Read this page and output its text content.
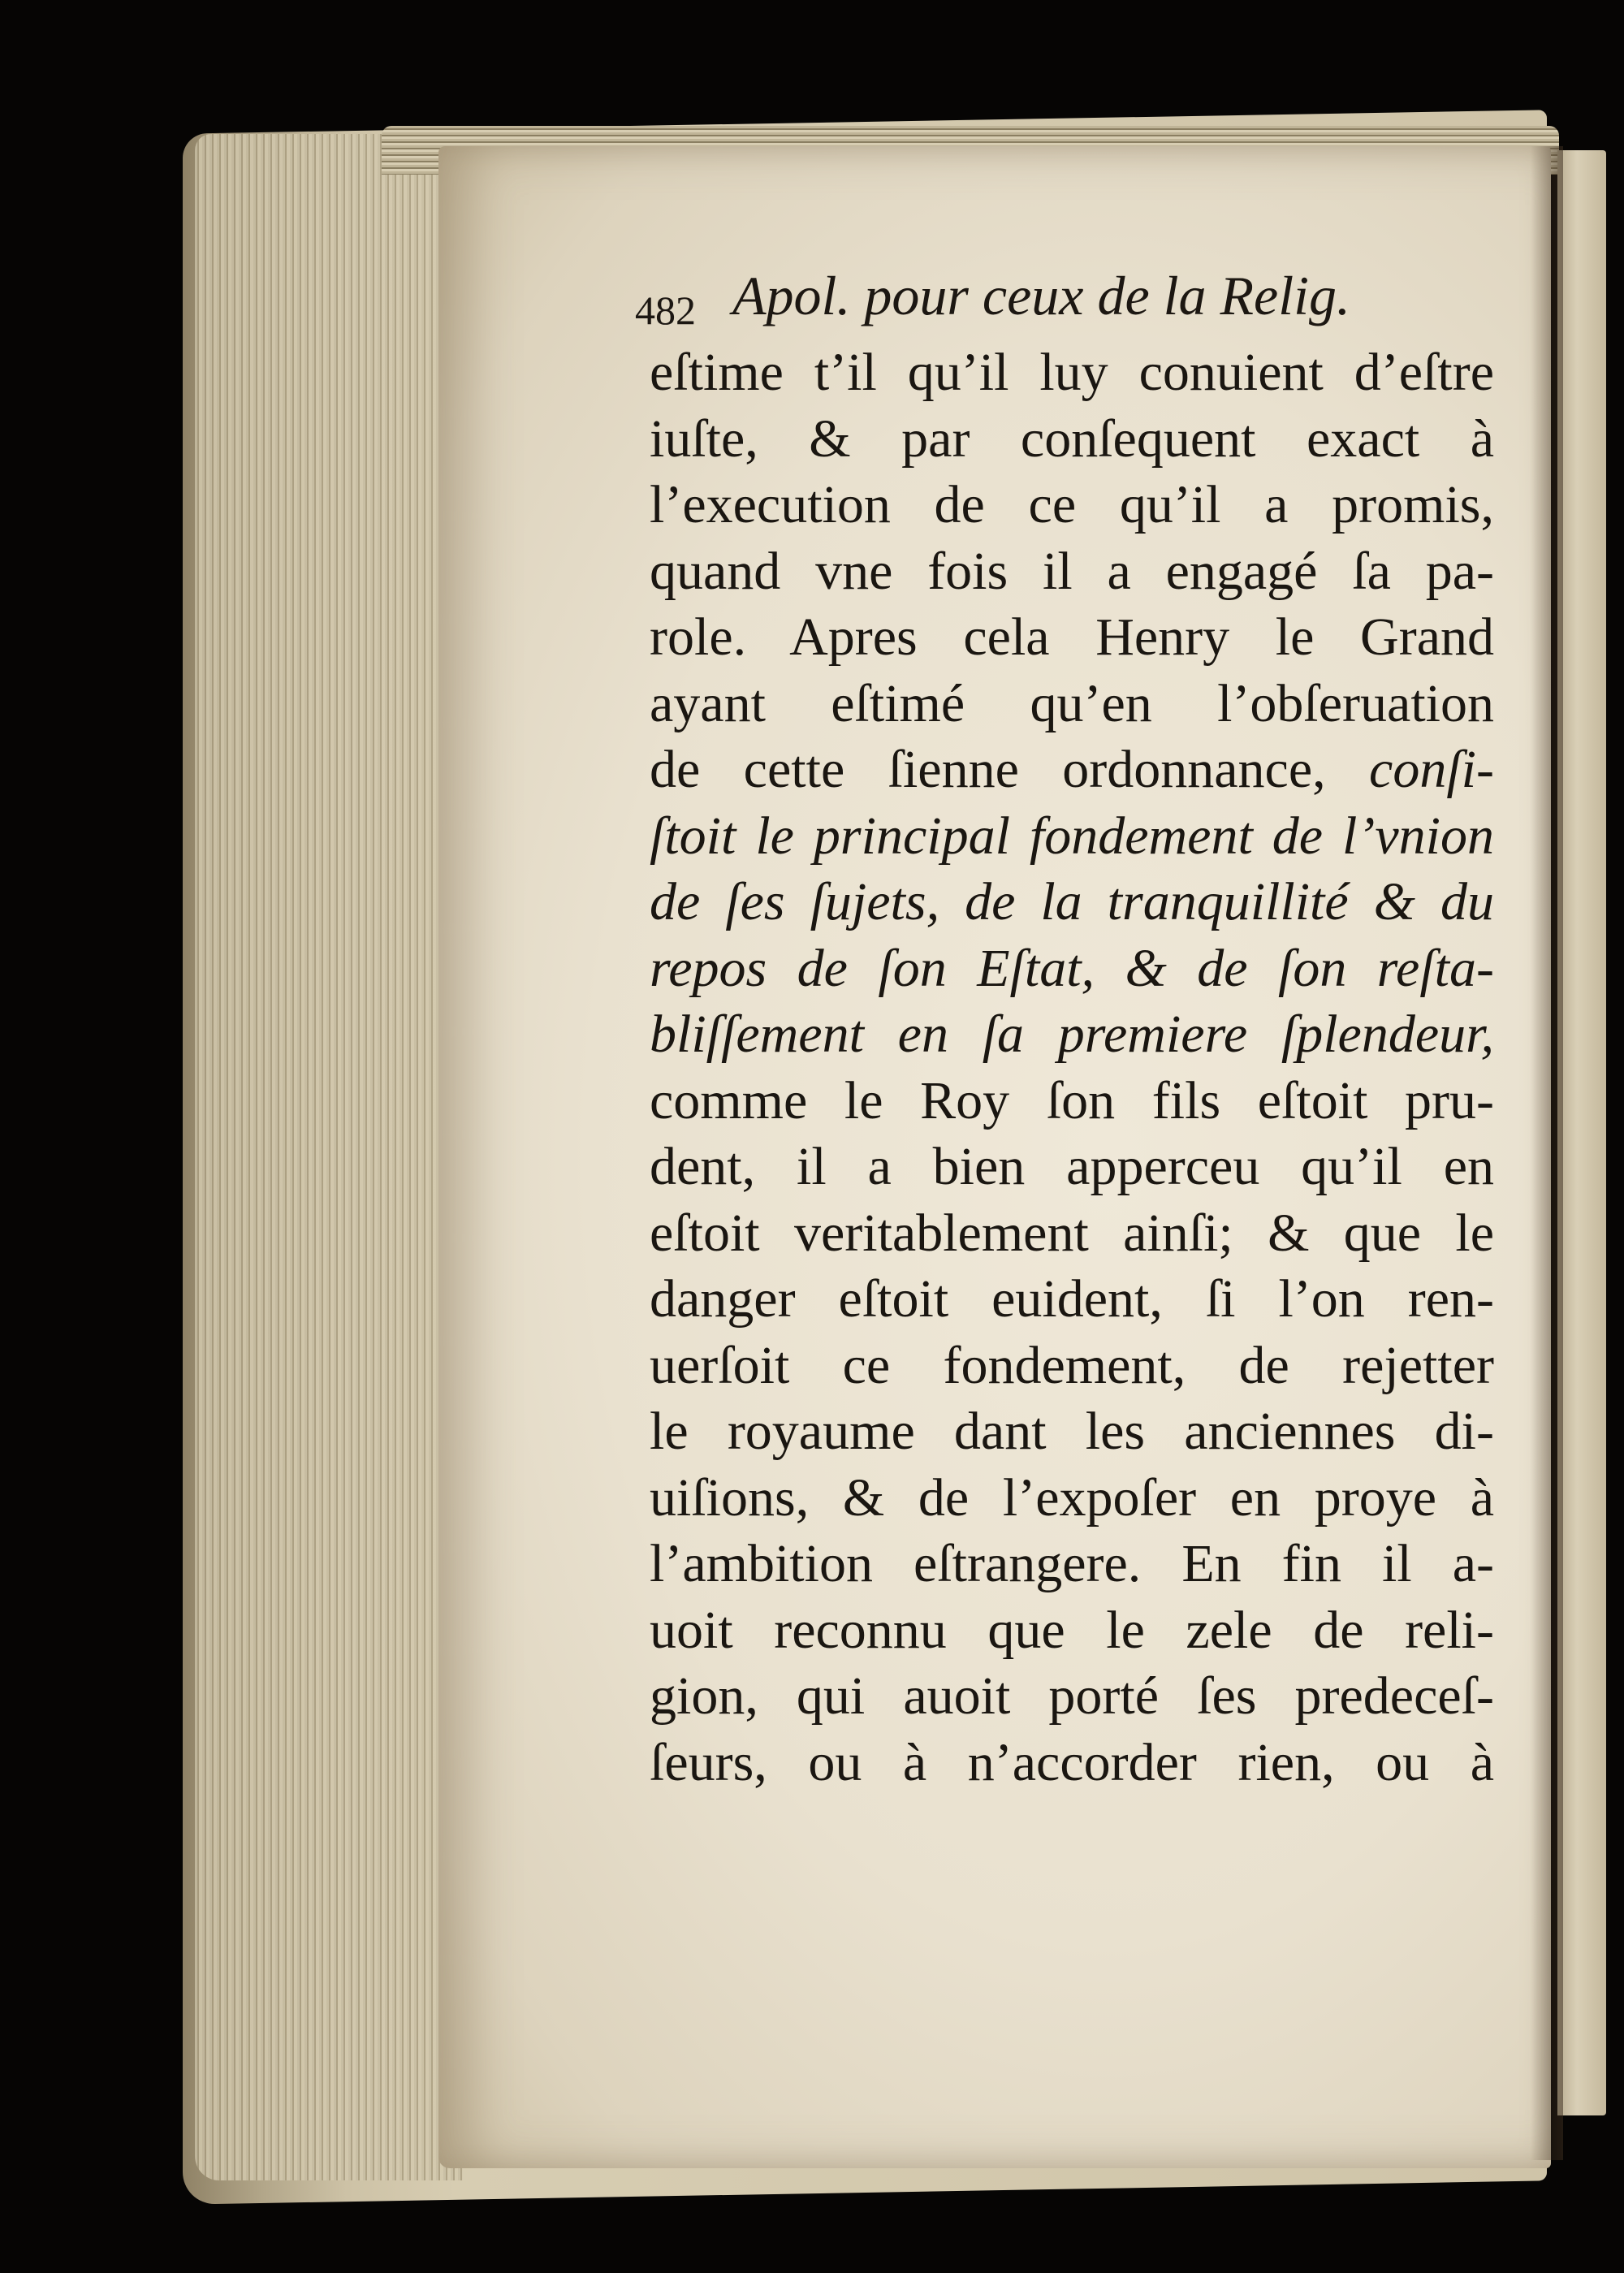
482 Apol. pour ceux de la Relig.
eſtime t’il qu’il luy conuient d’eſtre
iuſte, & par conſequent exact à
l’execution de ce qu’il a promis,
quand vne fois il a engagé ſa pa-
role. Apres cela Henry le Grand
ayant eſtimé qu’en l’obſeruation
de cette ſienne ordonnance, conſi-
ſtoit le principal fondement de l’vnion
de ſes ſujets, de la tranquillité & du
repos de ſon Eſtat, & de ſon reſta-
bliſſement en ſa premiere ſplendeur,
comme le Roy ſon fils eſtoit pru-
dent, il a bien apperceu qu’il en
eſtoit veritablement ainſi; & que le
danger eſtoit euident, ſi l’on ren-
uerſoit ce fondement, de rejetter
le royaume dant les anciennes di-
uiſions, & de l’expoſer en proye à
l’ambition eſtrangere. En fin il a-
uoit reconnu que le zele de reli-
gion, qui auoit porté ſes predeceſ-
ſeurs, ou à n’accorder rien, ou à
